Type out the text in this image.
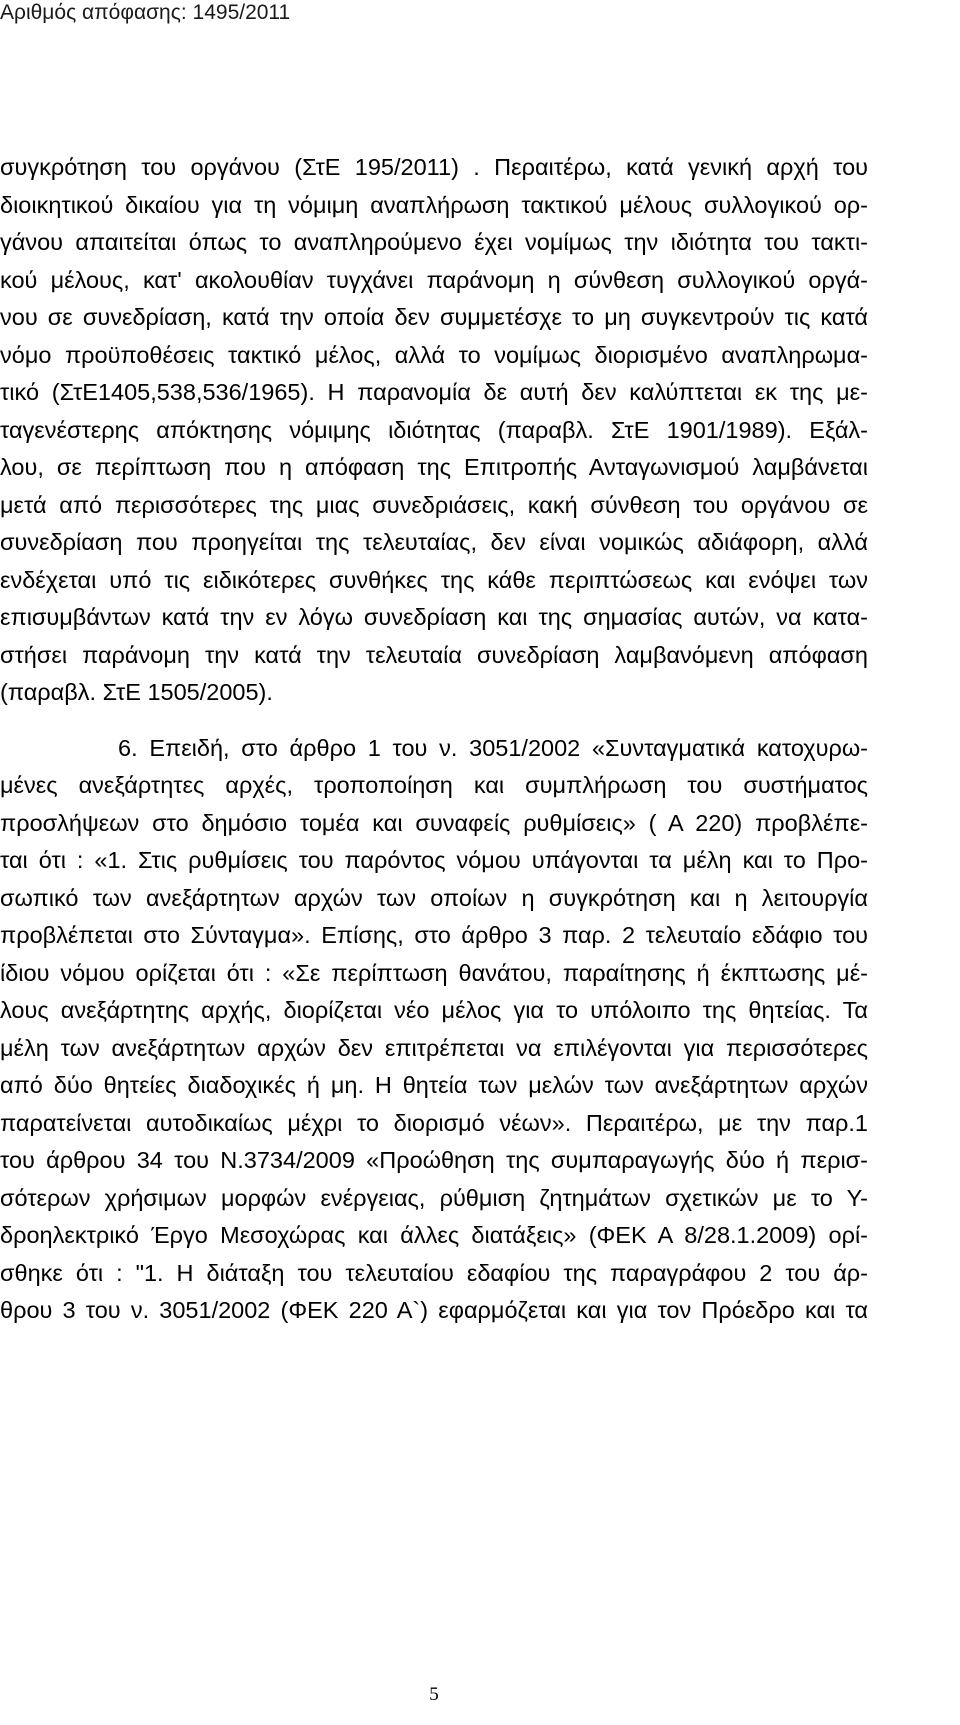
Αριθμός απόφασης: 1495/2011
συγκρότηση του οργάνου (ΣτΕ 195/2011) . Περαιτέρω, κατά γενική αρχή του
διοικητικού δικαίου για τη νόμιμη αναπλήρωση τακτικού μέλους συλλογικού ορ-
γάνου απαιτείται όπως το αναπληρούμενο έχει νομίμως την ιδιότητα του τακτι-
κού μέλους, κατ' ακολουθίαν τυγχάνει παράνομη η σύνθεση συλλογικού οργά-
νου σε συνεδρίαση, κατά την οποία δεν συμμετέσχε το μη συγκεντρούν τις κατά
νόμο προϋποθέσεις τακτικό μέλος, αλλά το νομίμως διορισμένο αναπληρωμα-
τικό (ΣτΕ1405,538,536/1965). Η παρανομία δε αυτή δεν καλύπτεται εκ της με-
ταγενέστερης απόκτησης νόμιμης ιδιότητας (παραβλ. ΣτΕ 1901/1989). Εξάλ-
λου, σε περίπτωση που η απόφαση της Επιτροπής Ανταγωνισμού λαμβάνεται
μετά από περισσότερες της μιας συνεδριάσεις, κακή σύνθεση του οργάνου σε
συνεδρίαση που προηγείται της τελευταίας, δεν είναι νομικώς αδιάφορη, αλλά
ενδέχεται υπό τις ειδικότερες συνθήκες της κάθε περιπτώσεως και ενόψει των
επισυμβάντων κατά την εν λόγω συνεδρίαση και της σημασίας αυτών, να κατα-
στήσει παράνομη την κατά την τελευταία συνεδρίαση λαμβανόμενη απόφαση
(παραβλ. ΣτΕ 1505/2005).
6. Επειδή, στο άρθρο 1 του ν. 3051/2002 «Συνταγματικά κατοχυρω-
μένες ανεξάρτητες αρχές, τροποποίηση και συμπλήρωση του συστήματος
προσλήψεων στο δημόσιο τομέα και συναφείς ρυθμίσεις» ( Α 220) προβλέπε-
ται ότι : «1. Στις ρυθμίσεις του παρόντος νόμου υπάγονται τα μέλη και το Προ-
σωπικό των ανεξάρτητων αρχών των οποίων η συγκρότηση και η λειτουργία
προβλέπεται στο Σύνταγμα». Επίσης, στο άρθρο 3 παρ. 2 τελευταίο εδάφιο του
ίδιου νόμου ορίζεται ότι : «Σε περίπτωση θανάτου, παραίτησης ή έκπτωσης μέ-
λους ανεξάρτητης αρχής, διορίζεται νέο μέλος για το υπόλοιπο της θητείας. Τα
μέλη των ανεξάρτητων αρχών δεν επιτρέπεται να επιλέγονται για περισσότερες
από δύο θητείες διαδοχικές ή μη. Η θητεία των μελών των ανεξάρτητων αρχών
παρατείνεται αυτοδικαίως μέχρι το διορισμό νέων». Περαιτέρω, με την παρ.1
του άρθρου 34 του Ν.3734/2009 «Προώθηση της συμπαραγωγής δύο ή περισ-
σότερων χρήσιμων μορφών ενέργειας, ρύθμιση ζητημάτων σχετικών με το Υ-
δροηλεκτρικό Έργο Μεσοχώρας και άλλες διατάξεις» (ΦΕΚ Α 8/28.1.2009) ορί-
σθηκε ότι : "1. Η διάταξη του τελευταίου εδαφίου της παραγράφου 2 του άρ-
θρου 3 του ν. 3051/2002 (ΦΕΚ 220 Α`) εφαρμόζεται και για τον Πρόεδρο και τα
5
